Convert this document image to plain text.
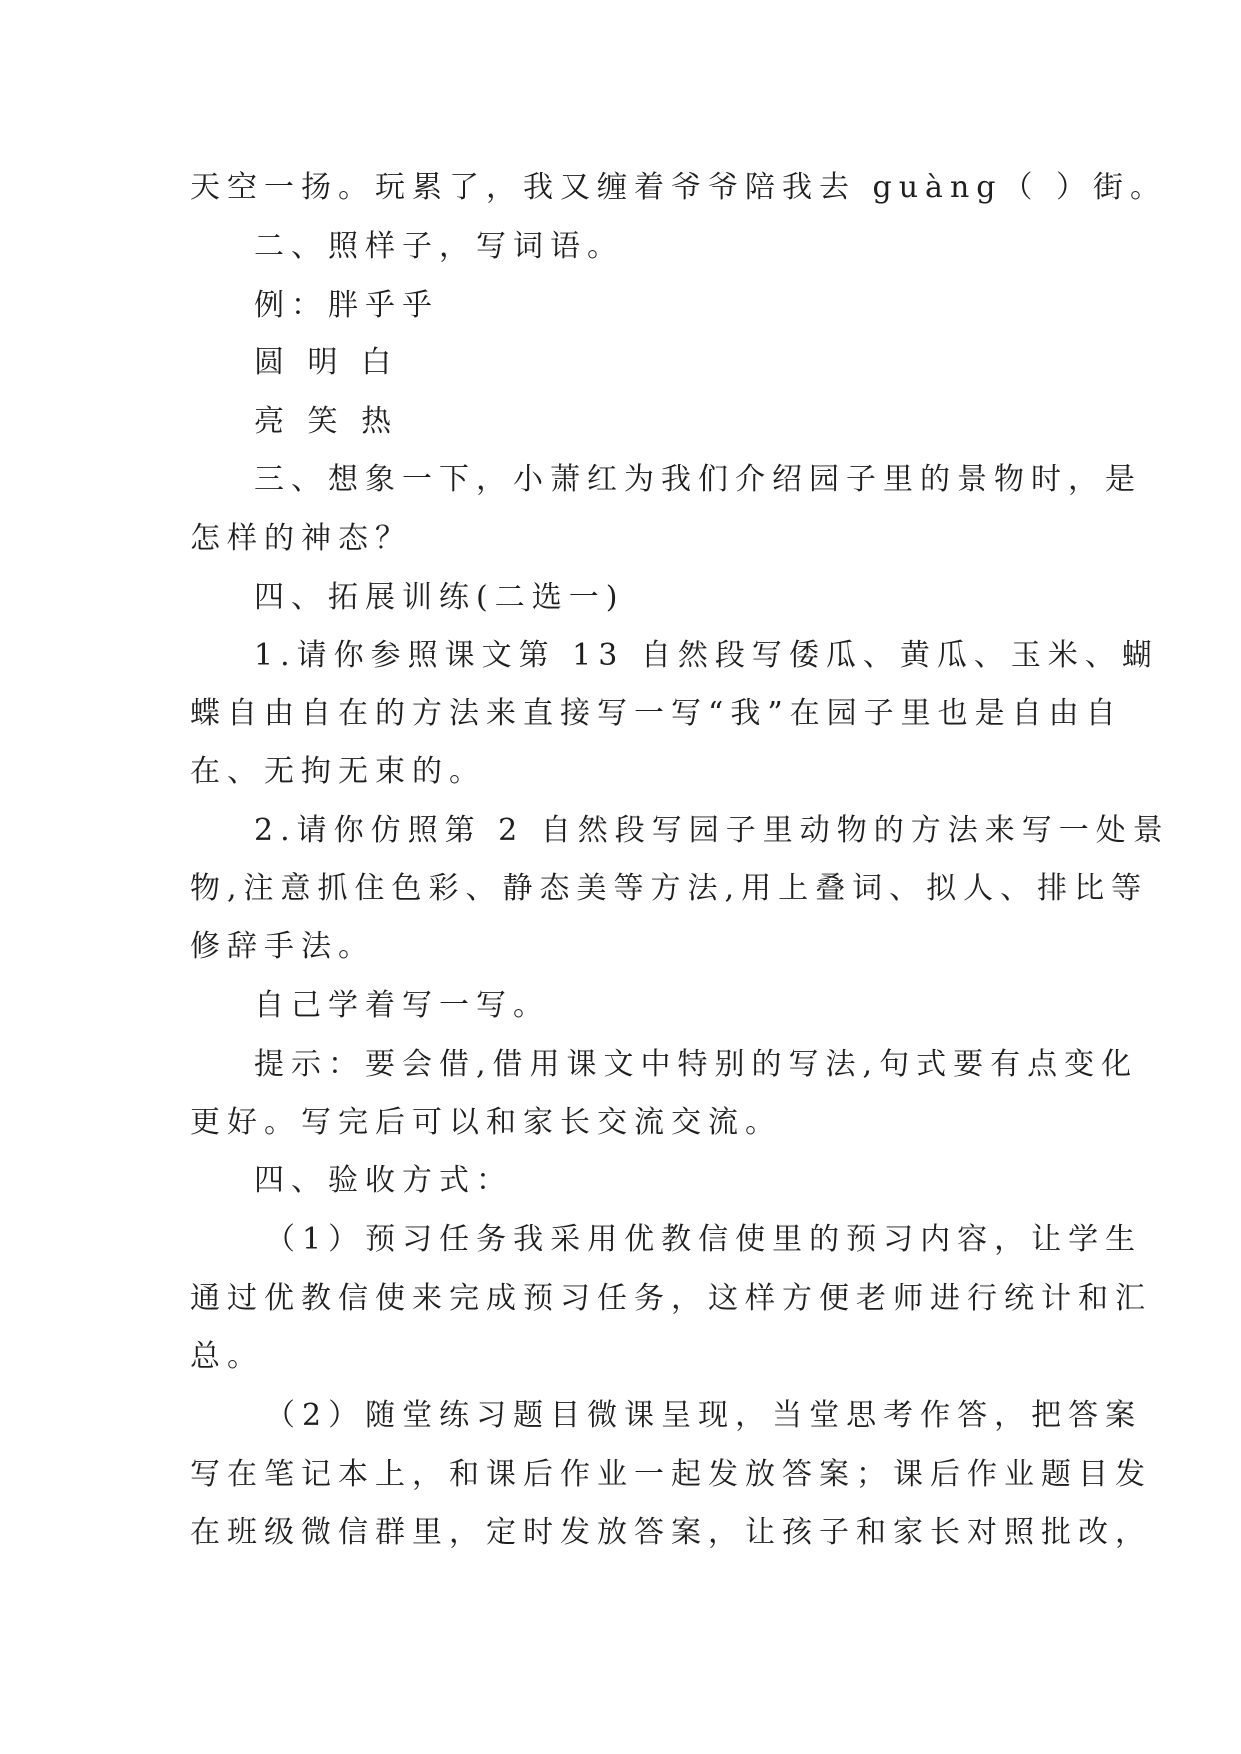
天空一扬。玩累了，我又缠着爷爷陪我去 guàng（ ）街。

二、照样子，写词语。

例：胖乎乎

圆 明 白

亮 笑 热

三、想象一下，小萧红为我们介绍园子里的景物时，是

怎样的神态？

四、拓展训练(二选一)

1.请你参照课文第 13 自然段写倭瓜、黄瓜、玉米、蝴

蝶自由自在的方法来直接写一写“我”在园子里也是自由自

在、无拘无束的。

2.请你仿照第 2 自然段写园子里动物的方法来写一处景

物,注意抓住色彩、静态美等方法,用上叠词、拟人、排比等

修辞手法。

自己学着写一写。

提示：要会借,借用课文中特别的写法,句式要有点变化

更好。写完后可以和家长交流交流。

四、验收方式：

（1）预习任务我采用优教信使里的预习内容，让学生

通过优教信使来完成预习任务，这样方便老师进行统计和汇

总。

（2）随堂练习题目微课呈现，当堂思考作答，把答案

写在笔记本上，和课后作业一起发放答案；课后作业题目发

在班级微信群里，定时发放答案，让孩子和家长对照批改，
